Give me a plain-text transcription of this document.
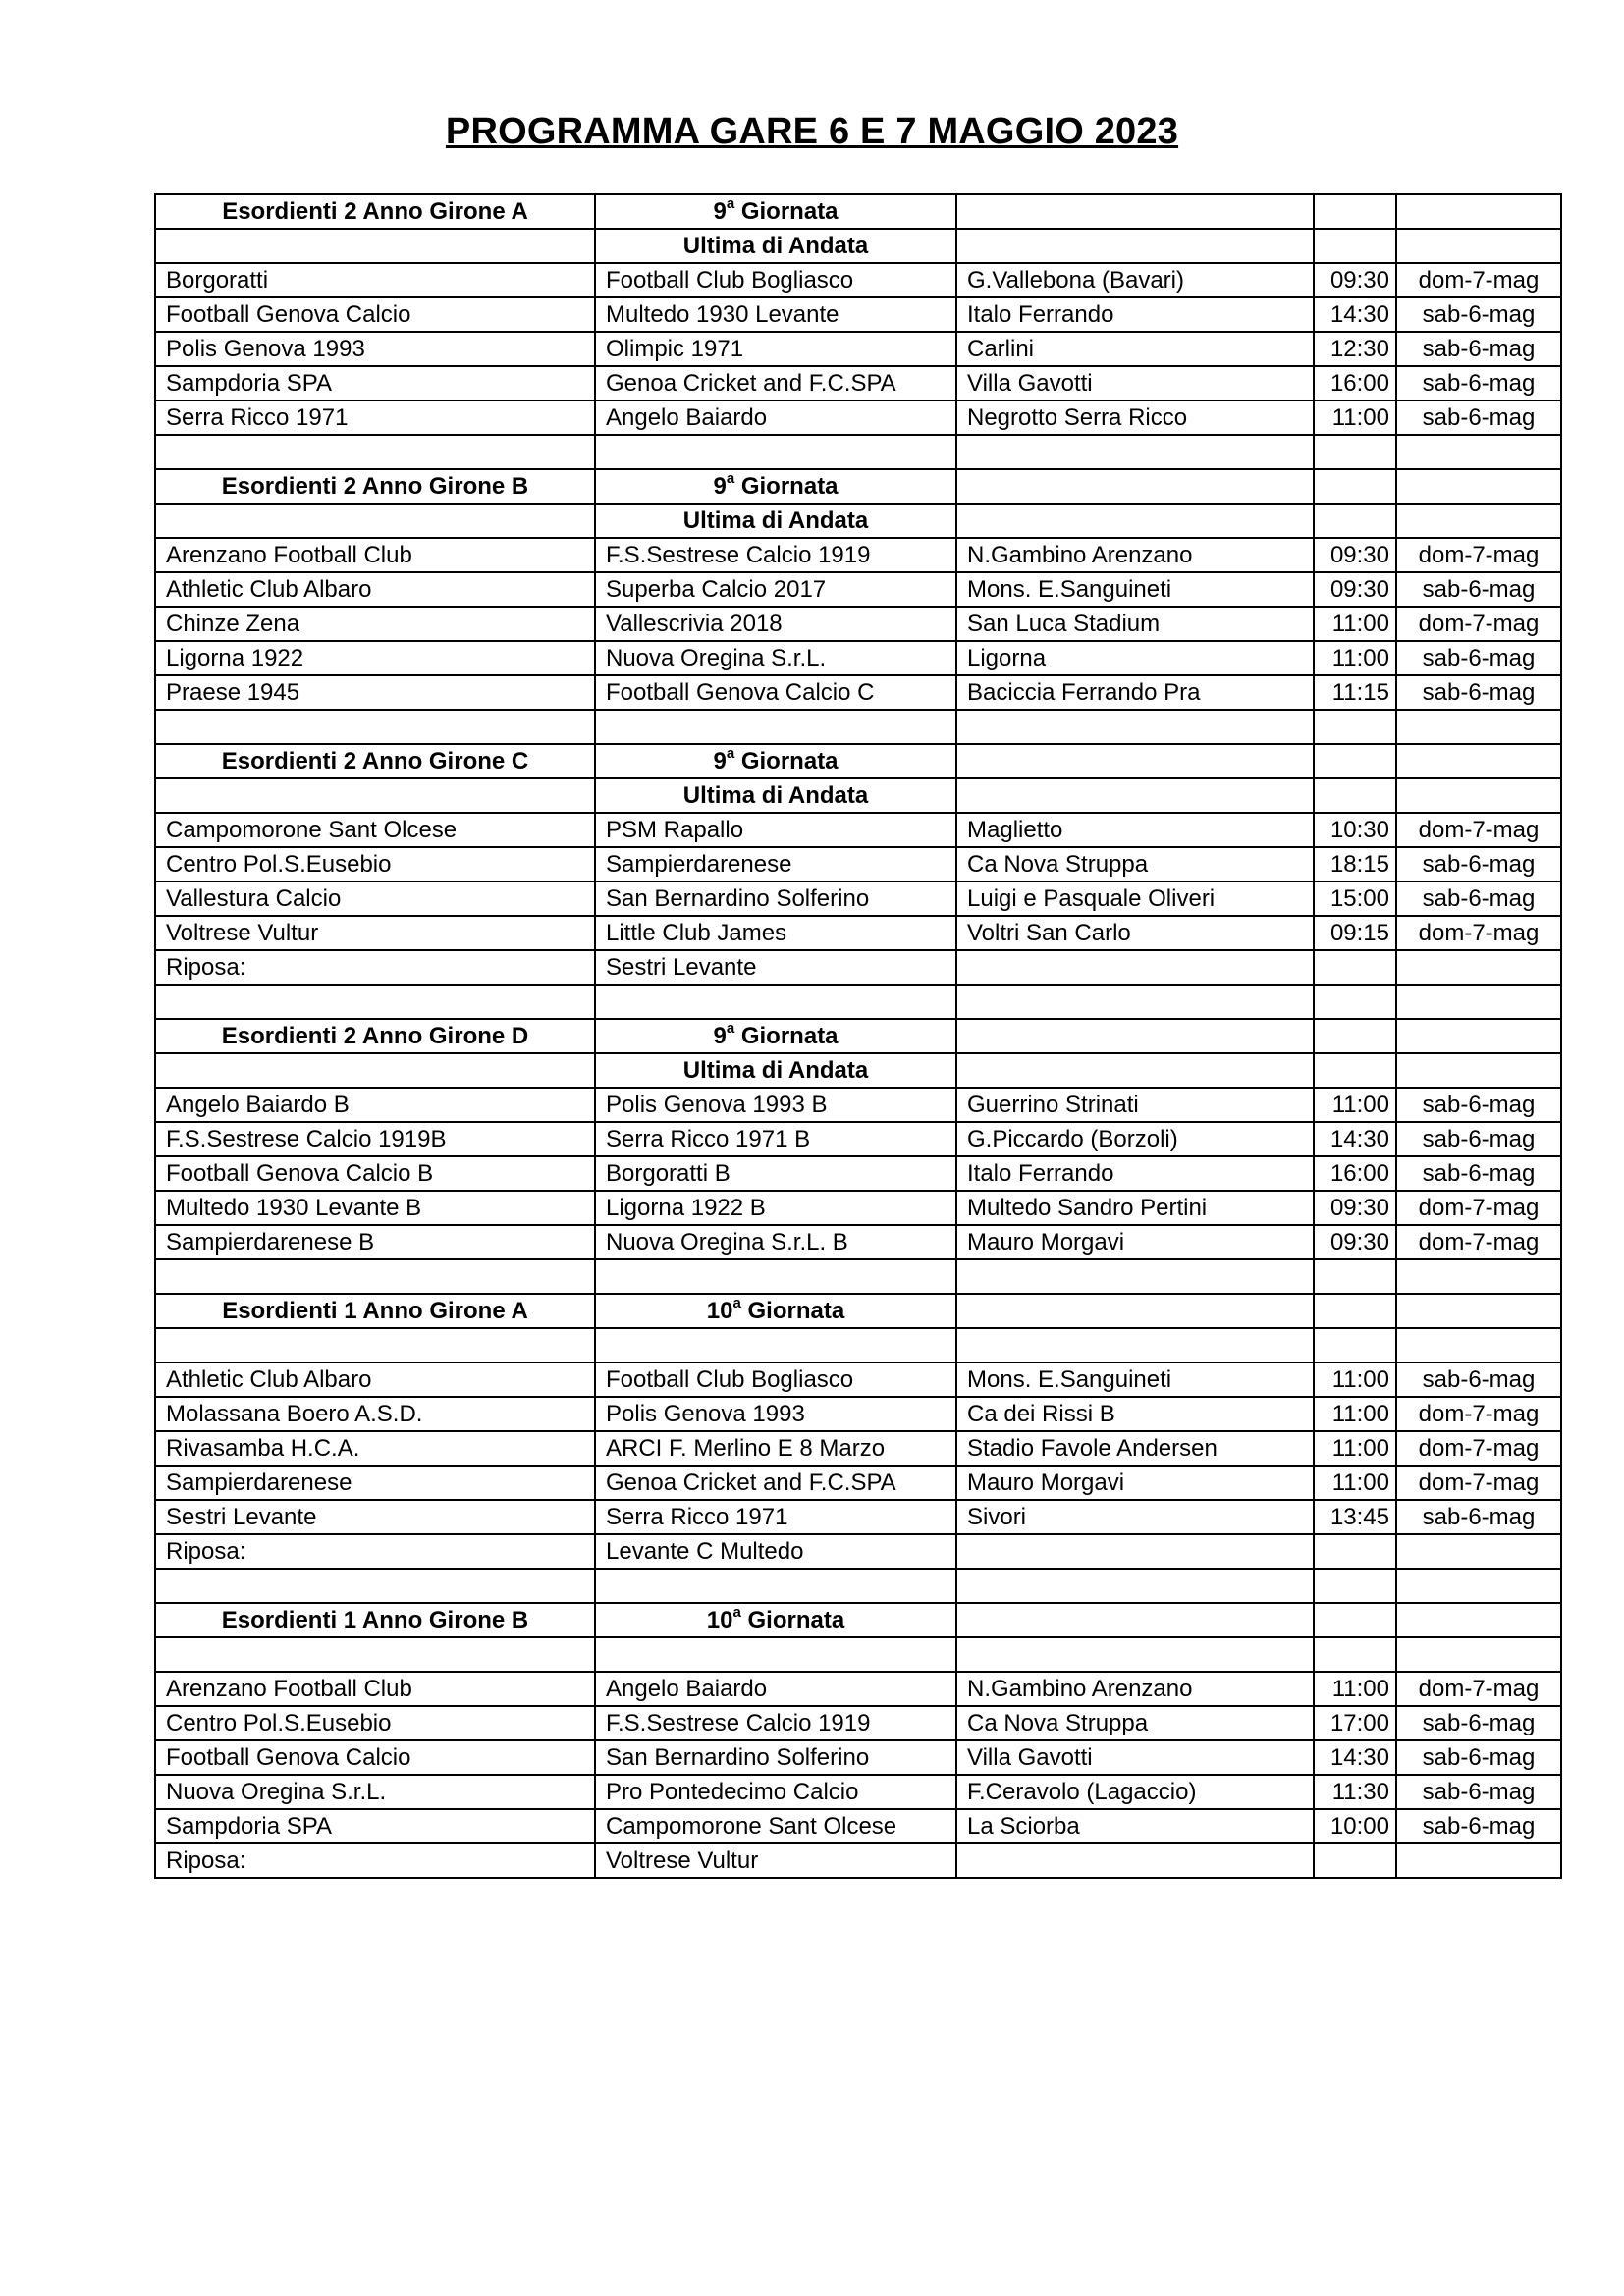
PROGRAMMA GARE 6 E 7 MAGGIO 2023
Esordienti 2 Anno Girone A	9$^a$ Giornata			
	Ultima di Andata			
Borgoratti	Football Club Bogliasco	G.Vallebona (Bavari)	09:30	dom-7-mag
Football Genova Calcio	Multedo 1930 Levante	Italo Ferrando	14:30	sab-6-mag
Polis Genova 1993	Olimpic 1971	Carlini	12:30	sab-6-mag
Sampdoria SPA	Genoa Cricket and F.C.SPA	Villa Gavotti	16:00	sab-6-mag
Serra Ricco 1971	Angelo Baiardo	Negrotto Serra Ricco	11:00	sab-6-mag

Esordienti 2 Anno Girone B	9$^a$ Giornata			
	Ultima di Andata			
Arenzano Football Club	F.S.Sestrese Calcio 1919	N.Gambino Arenzano	09:30	dom-7-mag
Athletic Club Albaro	Superba Calcio 2017	Mons. E.Sanguineti	09:30	sab-6-mag
Chinze Zena	Vallescrivia 2018	San Luca Stadium	11:00	dom-7-mag
Ligorna 1922	Nuova Oregina S.r.L.	Ligorna	11:00	sab-6-mag
Praese 1945	Football Genova Calcio C	Baciccia Ferrando Pra	11:15	sab-6-mag

Esordienti 2 Anno Girone C	9$^a$ Giornata			
	Ultima di Andata			
Campomorone Sant Olcese	PSM Rapallo	Maglietto	10:30	dom-7-mag
Centro Pol.S.Eusebio	Sampierdarenese	Ca Nova Struppa	18:15	sab-6-mag
Vallestura Calcio	San Bernardino Solferino	Luigi e Pasquale Oliveri	15:00	sab-6-mag
Voltrese Vultur	Little Club James	Voltri San Carlo	09:15	dom-7-mag
Riposa:	Sestri Levante			

Esordienti 2 Anno Girone D	9$^a$ Giornata			
	Ultima di Andata			
Angelo Baiardo B	Polis Genova 1993 B	Guerrino Strinati	11:00	sab-6-mag
F.S.Sestrese Calcio 1919B	Serra Ricco 1971 B	G.Piccardo (Borzoli)	14:30	sab-6-mag
Football Genova Calcio B	Borgoratti B	Italo Ferrando	16:00	sab-6-mag
Multedo 1930 Levante B	Ligorna 1922 B	Multedo Sandro Pertini	09:30	dom-7-mag
Sampierdarenese B	Nuova Oregina S.r.L. B	Mauro Morgavi	09:30	dom-7-mag

Esordienti 1 Anno Girone A	10$^a$ Giornata			

Athletic Club Albaro	Football Club Bogliasco	Mons. E.Sanguineti	11:00	sab-6-mag
Molassana Boero A.S.D.	Polis Genova 1993	Ca dei Rissi B	11:00	dom-7-mag
Rivasamba H.C.A.	ARCI F. Merlino E 8 Marzo	Stadio Favole Andersen	11:00	dom-7-mag
Sampierdarenese	Genoa Cricket and F.C.SPA	Mauro Morgavi	11:00	dom-7-mag
Sestri Levante	Serra Ricco 1971	Sivori	13:45	sab-6-mag
Riposa:	Levante C Multedo			

Esordienti 1 Anno Girone B	10$^a$ Giornata			

Arenzano Football Club	Angelo Baiardo	N.Gambino Arenzano	11:00	dom-7-mag
Centro Pol.S.Eusebio	F.S.Sestrese Calcio 1919	Ca Nova Struppa	17:00	sab-6-mag
Football Genova Calcio	San Bernardino Solferino	Villa Gavotti	14:30	sab-6-mag
Nuova Oregina S.r.L.	Pro Pontedecimo Calcio	F.Ceravolo (Lagaccio)	11:30	sab-6-mag
Sampdoria SPA	Campomorone Sant Olcese	La Sciorba	10:00	sab-6-mag
Riposa:	Voltrese Vultur			
